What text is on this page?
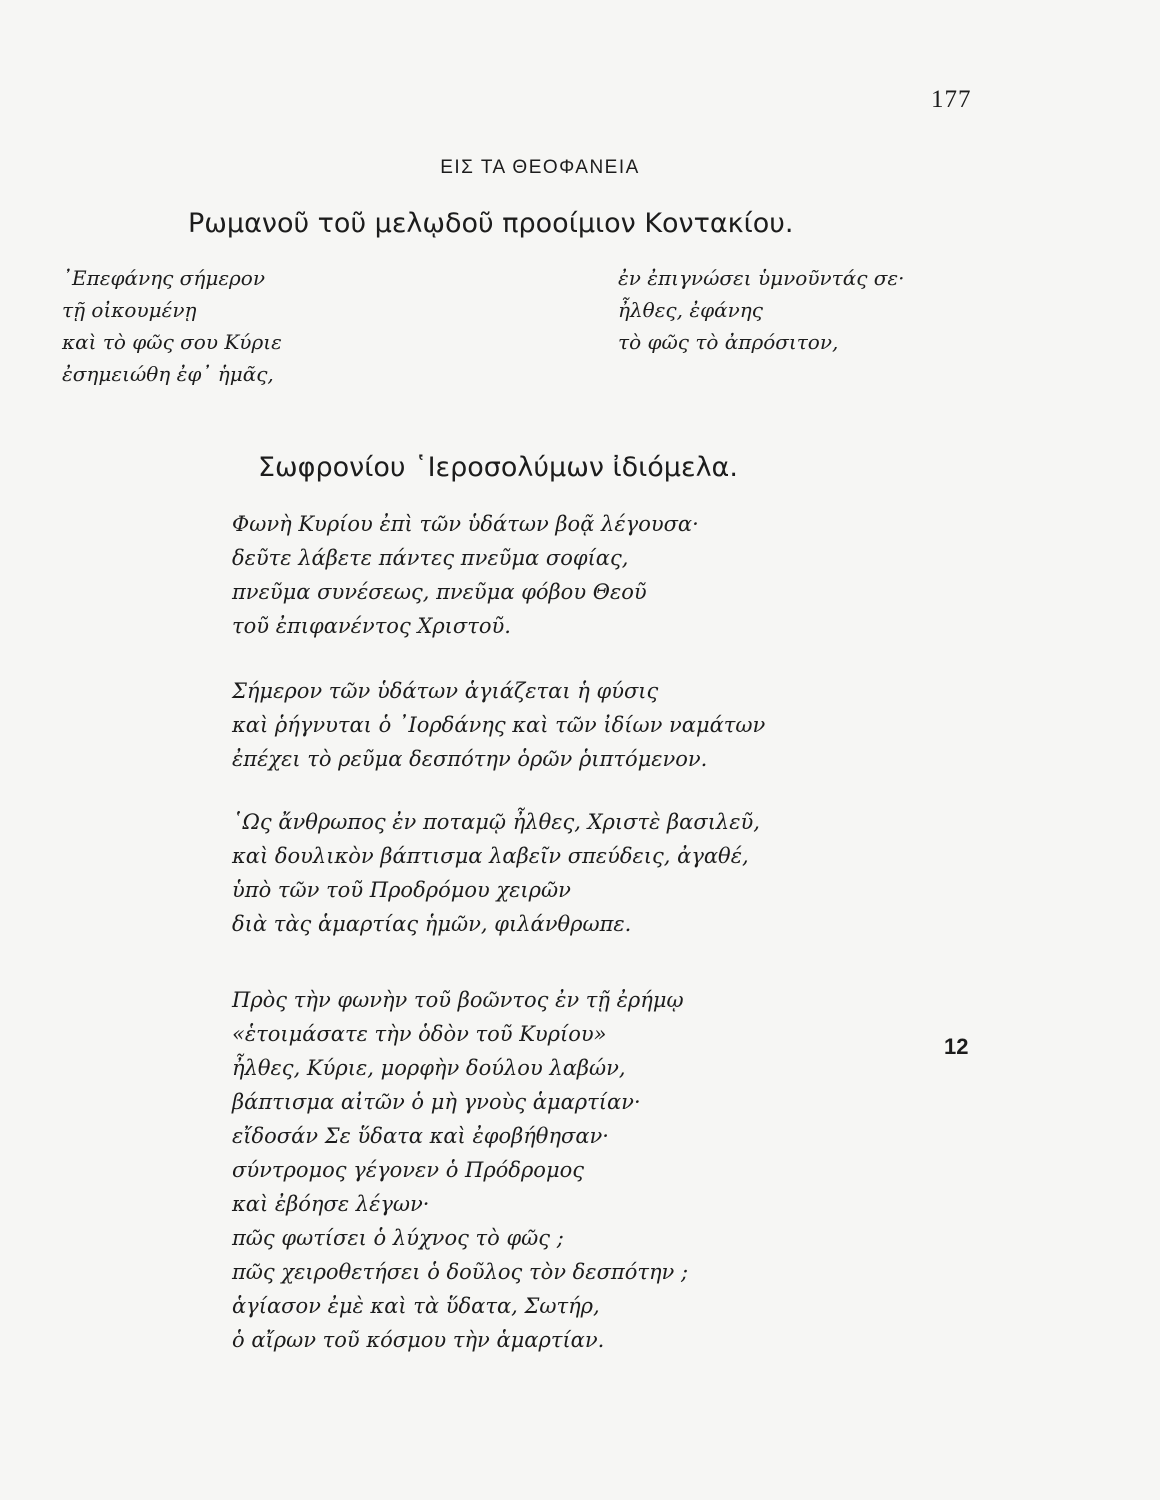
177
ΕΙΣ ΤΑ ΘΕΟΦΑΝΕΙΑ
Ρωμανοῦ τοῦ μελῳδοῦ προοίμιον Κοντακίου.
᾿Επεφάνης σήμερον
τῇ οἰκουμένῃ
καὶ τὸ φῶς σου Κύριε
ἐσημειώθη ἐφ᾿ ἡμᾶς,
ἐν ἐπιγνώσει ὑμνοῦντάς σε·
ἦλθες, ἐφάνης
τὸ φῶς τὸ ἀπρόσιτον,
Σωφρονίου ῾Ιεροσολύμων ἰδιόμελα.
Φωνὴ Κυρίου ἐπὶ τῶν ὑδάτων βοᾷ λέγουσα·
δεῦτε λάβετε πάντες πνεῦμα σοφίας,
πνεῦμα συνέσεως, πνεῦμα φόβου Θεοῦ
τοῦ ἐπιφανέντος Χριστοῦ.
Σήμερον τῶν ὑδάτων ἁγιάζεται ἡ φύσις
καὶ ῥήγνυται ὁ ᾿Ιορδάνης καὶ τῶν ἰδίων ναμάτων
ἐπέχει τὸ ρεῦμα δεσπότην ὁρῶν ῥιπτόμενον.
῾Ως ἄνθρωπος ἐν ποταμῷ ἦλθες, Χριστὲ βασιλεῦ,
καὶ δουλικὸν βάπτισμα λαβεῖν σπεύδεις, ἀγαθέ,
ὑπὸ τῶν τοῦ Προδρόμου χειρῶν
διὰ τὰς ἁμαρτίας ἡμῶν, φιλάνθρωπε.
Πρὸς τὴν φωνὴν τοῦ βοῶντος ἐν τῇ ἐρήμῳ
«ἑτοιμάσατε τὴν ὁδὸν τοῦ Κυρίου»
ἦλθες, Κύριε, μορφὴν δούλου λαβών,
βάπτισμα αἰτῶν ὁ μὴ γνοὺς ἁμαρτίαν·
εἴδοσάν Σε ὕδατα καὶ ἐφοβήθησαν·
σύντρομος γέγονεν ὁ Πρόδρομος
καὶ ἐβόησε λέγων·
πῶς φωτίσει ὁ λύχνος τὸ φῶς ;
πῶς χειροθετήσει ὁ δοῦλος τὸν δεσπότην ;
ἁγίασον ἐμὲ καὶ τὰ ὕδατα, Σωτήρ,
ὁ αἴρων τοῦ κόσμου τὴν ἁμαρτίαν.
12
